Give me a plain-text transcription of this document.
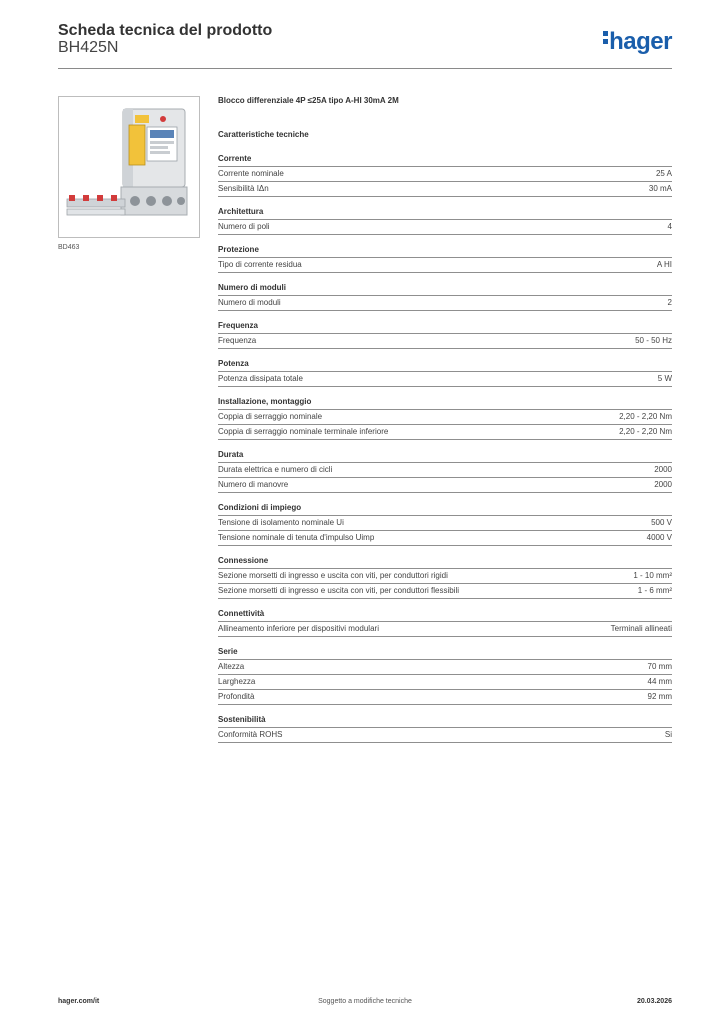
Scheda tecnica del prodotto
BH425N	hager
BD463
Blocco differenziale 4P ≤25A tipo A-HI 30mA 2M
Caratteristiche tecniche
Corrente
Corrente nominale	25 A
Sensibilità IΔn	30 mA
Architettura
Numero di poli	4
Protezione
Tipo di corrente residua	A HI
Numero di moduli
Numero di moduli	2
Frequenza
Frequenza	50 - 50 Hz
Potenza
Potenza dissipata totale	5 W
Installazione, montaggio
Coppia di serraggio nominale	2,20 - 2,20 Nm
Coppia di serraggio nominale terminale inferiore	2,20 - 2,20 Nm
Durata
Durata elettrica e numero di cicli	2000
Numero di manovre	2000
Condizioni di impiego
Tensione di isolamento nominale Ui	500 V
Tensione nominale di tenuta d'impulso Uimp	4000 V
Connessione
Sezione morsetti di ingresso e uscita con viti, per conduttori rigidi	1 - 10 mm²
Sezione morsetti di ingresso e uscita con viti, per conduttori flessibili	1 - 6 mm²
Connettività
Allineamento inferiore per dispositivi modulari	Terminali allineati
Serie
Altezza	70 mm
Larghezza	44 mm
Profondità	92 mm
Sostenibilità
Conformità ROHS	Si
Soggetto a modifiche tecniche
hager.com/it	20.03.2026
